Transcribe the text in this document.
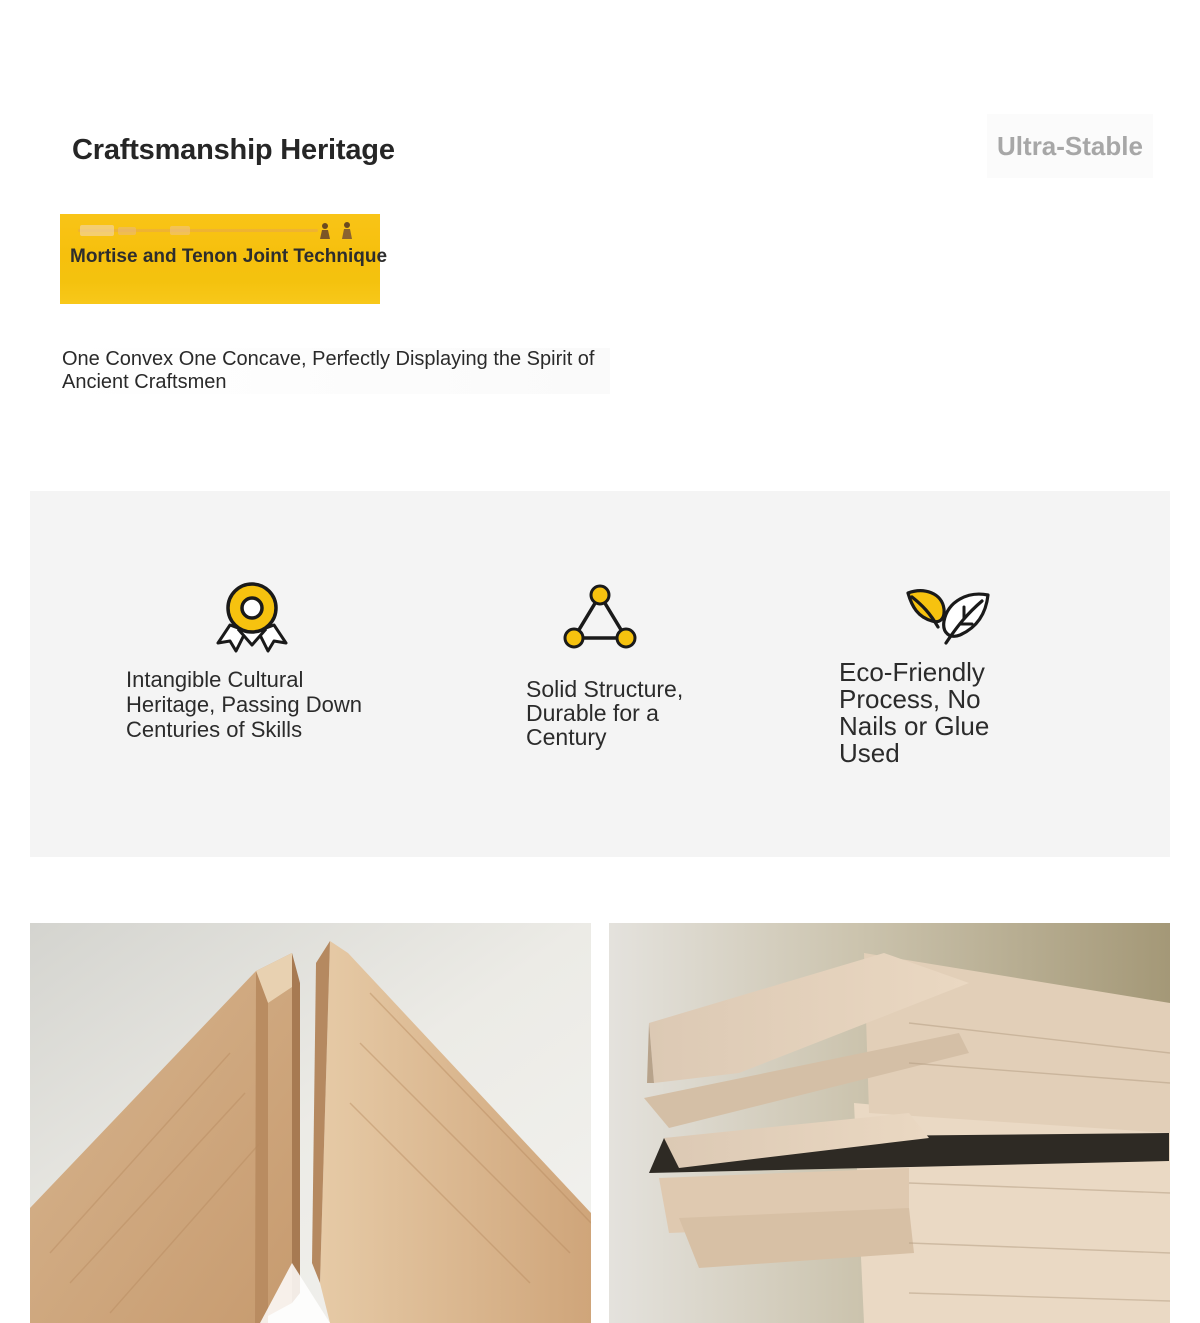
Craftsmanship Heritage	Ultra-Stable
Mortise and Tenon Joint Technique
One Convex One Concave, Perfectly Displaying the Spirit of Ancient Craftsmen
Intangible Cultural Heritage, Passing Down Centuries of Skills
Solid Structure, Durable for a Century
Eco-Friendly Process, No Nails or Glue Used
